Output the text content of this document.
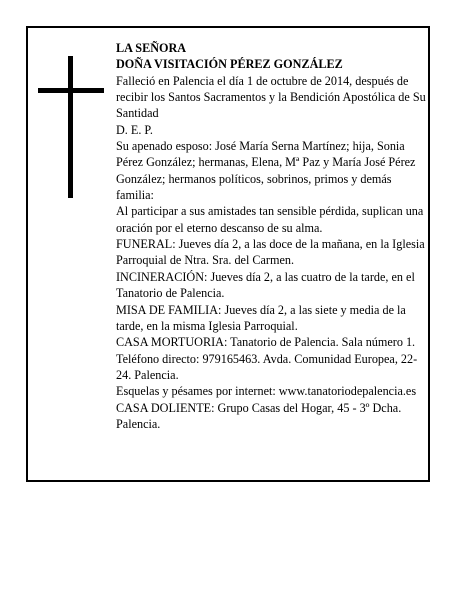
LA SEÑORA

DOÑA VISITACIÓN PÉREZ GONZÁLEZ

Falleció en Palencia el día 1 de octubre de 2014, después de recibir los Santos Sacramentos y la Bendición Apostólica de Su Santidad

D. E. P.

Su apenado esposo: José María Serna Martínez; hija, Sonia Pérez González; hermanas, Elena, Mª Paz y María José Pérez González; hermanos políticos, sobrinos, primos y demás familia:

Al participar a sus amistades tan sensible pérdida, suplican una oración por el eterno descanso de su alma.

FUNERAL: Jueves día 2, a las doce de la mañana, en la Iglesia Parroquial de Ntra. Sra. del Carmen.

INCINERACIÓN: Jueves día 2, a las cuatro de la tarde, en el Tanatorio de Palencia.

MISA DE FAMILIA: Jueves día 2, a las siete y media de la tarde, en la misma Iglesia Parroquial.

CASA MORTUORIA: Tanatorio de Palencia. Sala número 1. Teléfono directo: 979165463. Avda. Comunidad Europea, 22-24. Palencia.

Esquelas y pésames por internet: www.tanatoriodepalencia.es

CASA DOLIENTE: Grupo Casas del Hogar, 45 - 3º Dcha. Palencia.
